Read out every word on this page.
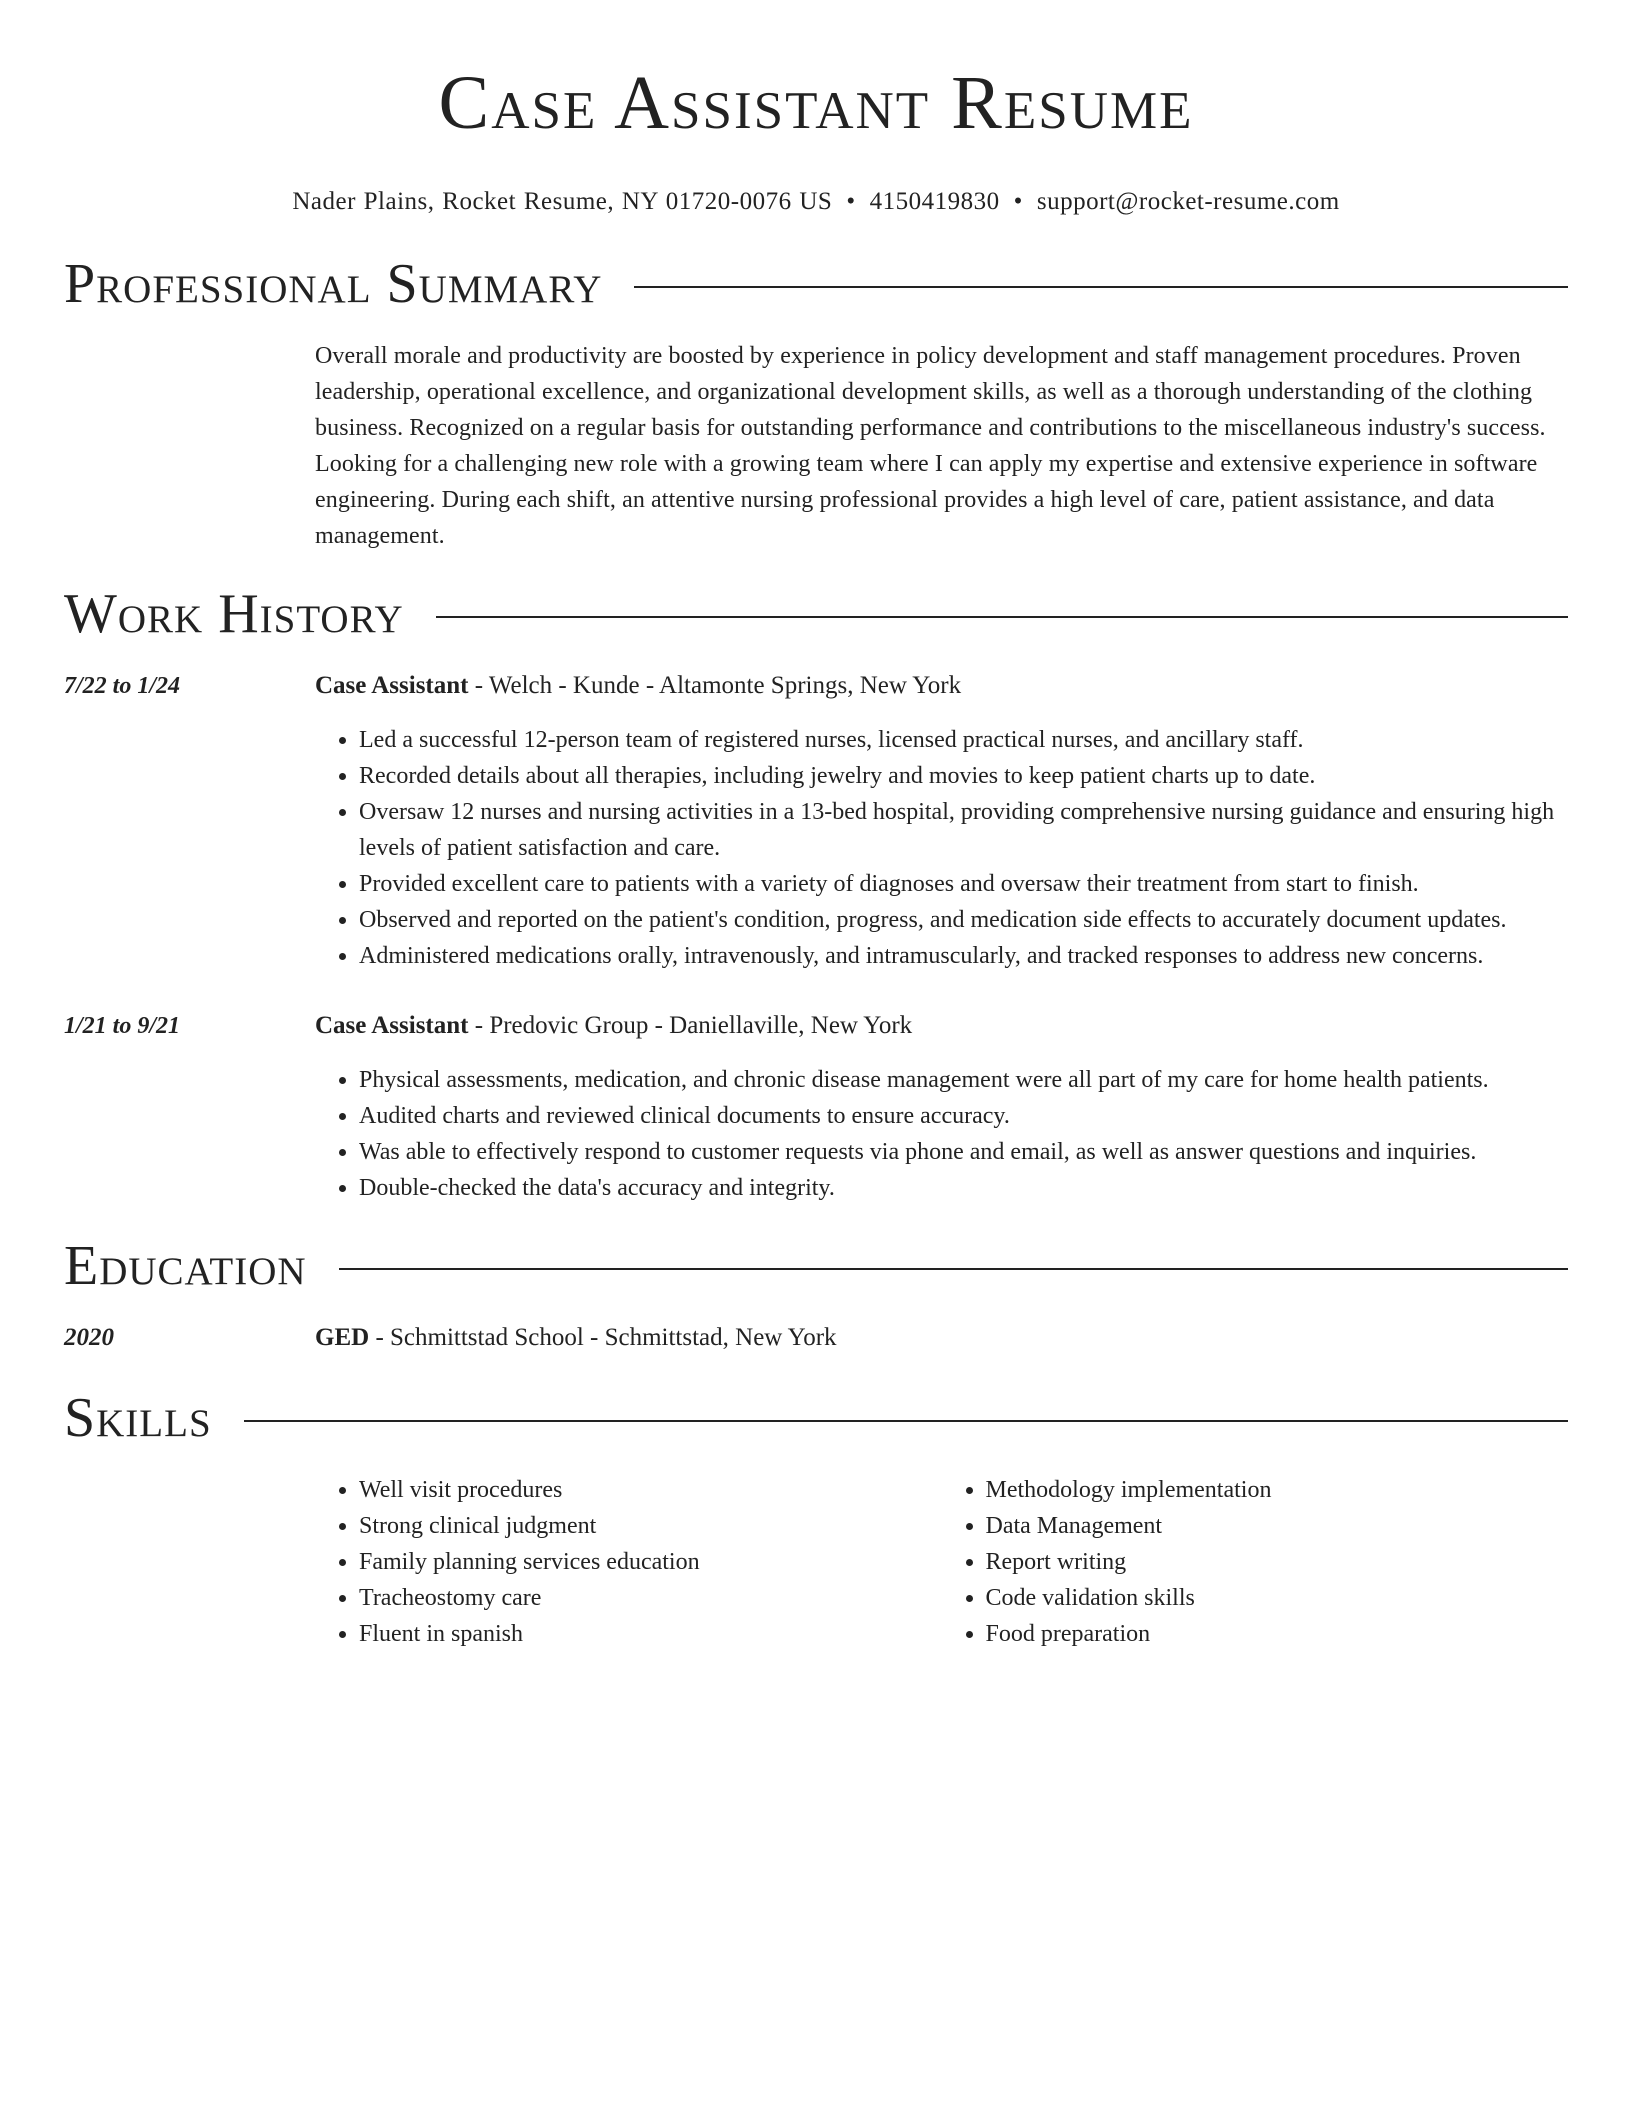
Case Assistant Resume
Nader Plains, Rocket Resume, NY 01720-0076 US • 4150419830 • support@rocket-resume.com
Professional Summary
Overall morale and productivity are boosted by experience in policy development and staff management procedures. Proven leadership, operational excellence, and organizational development skills, as well as a thorough understanding of the clothing business. Recognized on a regular basis for outstanding performance and contributions to the miscellaneous industry's success. Looking for a challenging new role with a growing team where I can apply my expertise and extensive experience in software engineering. During each shift, an attentive nursing professional provides a high level of care, patient assistance, and data management.
Work History
7/22 to 1/24	Case Assistant - Welch - Kunde - Altamonte Springs, New York
• Led a successful 12-person team of registered nurses, licensed practical nurses, and ancillary staff.
• Recorded details about all therapies, including jewelry and movies to keep patient charts up to date.
• Oversaw 12 nurses and nursing activities in a 13-bed hospital, providing comprehensive nursing guidance and ensuring high levels of patient satisfaction and care.
• Provided excellent care to patients with a variety of diagnoses and oversaw their treatment from start to finish.
• Observed and reported on the patient's condition, progress, and medication side effects to accurately document updates.
• Administered medications orally, intravenously, and intramuscularly, and tracked responses to address new concerns.
1/21 to 9/21	Case Assistant - Predovic Group - Daniellaville, New York
• Physical assessments, medication, and chronic disease management were all part of my care for home health patients.
• Audited charts and reviewed clinical documents to ensure accuracy.
• Was able to effectively respond to customer requests via phone and email, as well as answer questions and inquiries.
• Double-checked the data's accuracy and integrity.
Education
2020	GED - Schmittstad School - Schmittstad, New York
Skills
• Well visit procedures
• Strong clinical judgment
• Family planning services education
• Tracheostomy care
• Fluent in spanish
• Methodology implementation
• Data Management
• Report writing
• Code validation skills
• Food preparation
